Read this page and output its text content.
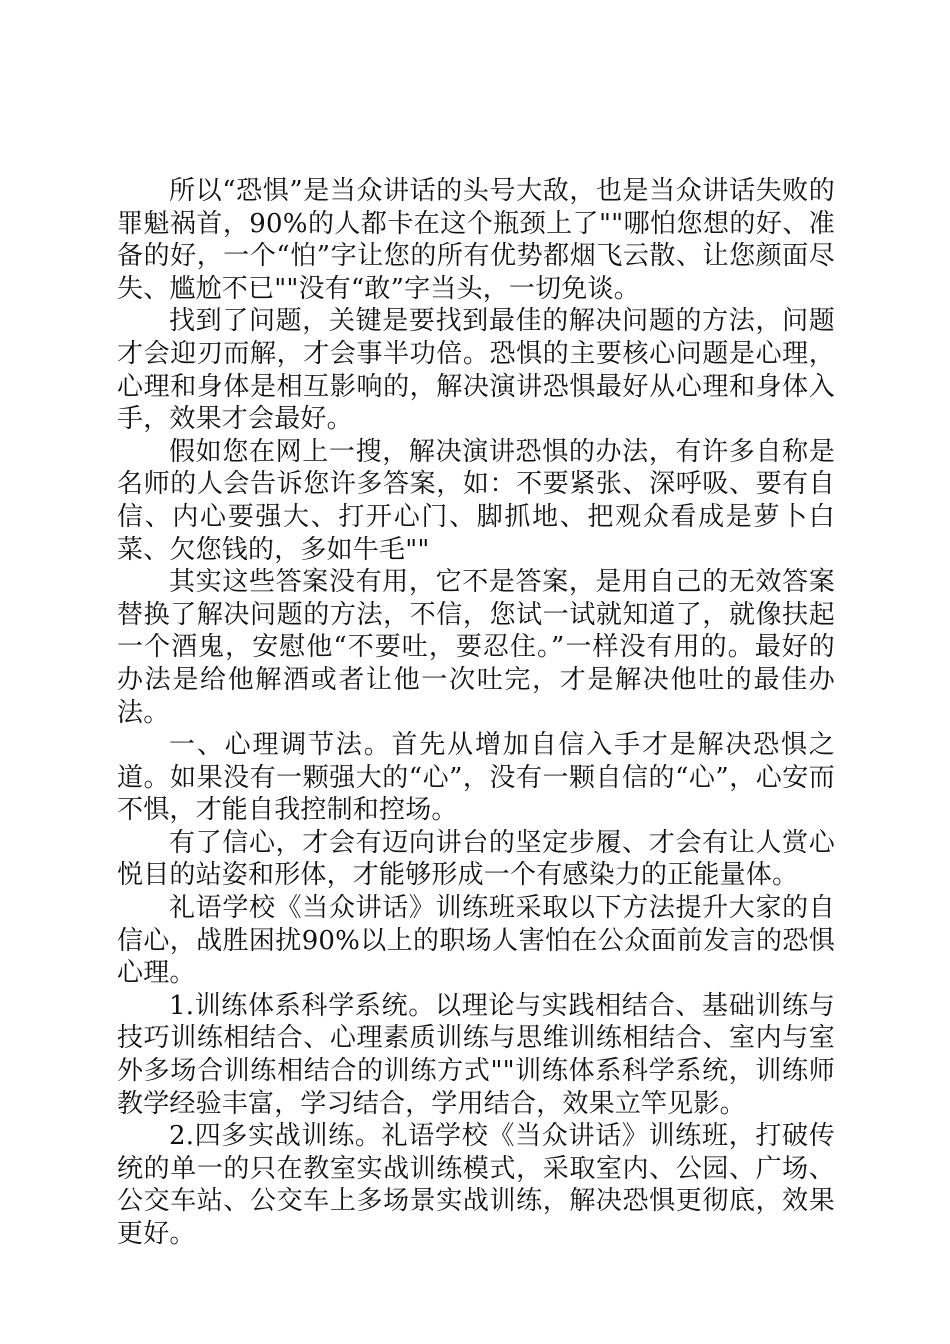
所以“恐惧”是当众讲话的头号大敌，也是当众讲话失败的罪魁祸首，90%的人都卡在这个瓶颈上了""哪怕您想的好、准备的好，一个“怕”字让您的所有优势都烟飞云散、让您颜面尽失、尴尬不已""没有“敢”字当头，一切免谈。

找到了问题，关键是要找到最佳的解决问题的方法，问题才会迎刃而解，才会事半功倍。恐惧的主要核心问题是心理，心理和身体是相互影响的，解决演讲恐惧最好从心理和身体入手，效果才会最好。

假如您在网上一搜，解决演讲恐惧的办法，有许多自称是名师的人会告诉您许多答案，如：不要紧张、深呼吸、要有自信、内心要强大、打开心门、脚抓地、把观众看成是萝卜白菜、欠您钱的，多如牛毛""

其实这些答案没有用，它不是答案，是用自己的无效答案替换了解决问题的方法，不信，您试一试就知道了，就像扶起一个酒鬼，安慰他“不要吐，要忍住。”一样没有用的。最好的办法是给他解酒或者让他一次吐完，才是解决他吐的最佳办法。

一、心理调节法。首先从增加自信入手才是解决恐惧之道。如果没有一颗强大的“心”，没有一颗自信的“心”，心安而不惧，才能自我控制和控场。

有了信心，才会有迈向讲台的坚定步履、才会有让人赏心悦目的站姿和形体，才能够形成一个有感染力的正能量体。

礼语学校《当众讲话》训练班采取以下方法提升大家的自信心，战胜困扰90%以上的职场人害怕在公众面前发言的恐惧心理。

1.训练体系科学系统。以理论与实践相结合、基础训练与技巧训练相结合、心理素质训练与思维训练相结合、室内与室外多场合训练相结合的训练方式""训练体系科学系统，训练师教学经验丰富，学习结合，学用结合，效果立竿见影。

2.四多实战训练。礼语学校《当众讲话》训练班，打破传统的单一的只在教室实战训练模式，采取室内、公园、广场、公交车站、公交车上多场景实战训练，解决恐惧更彻底，效果更好。
